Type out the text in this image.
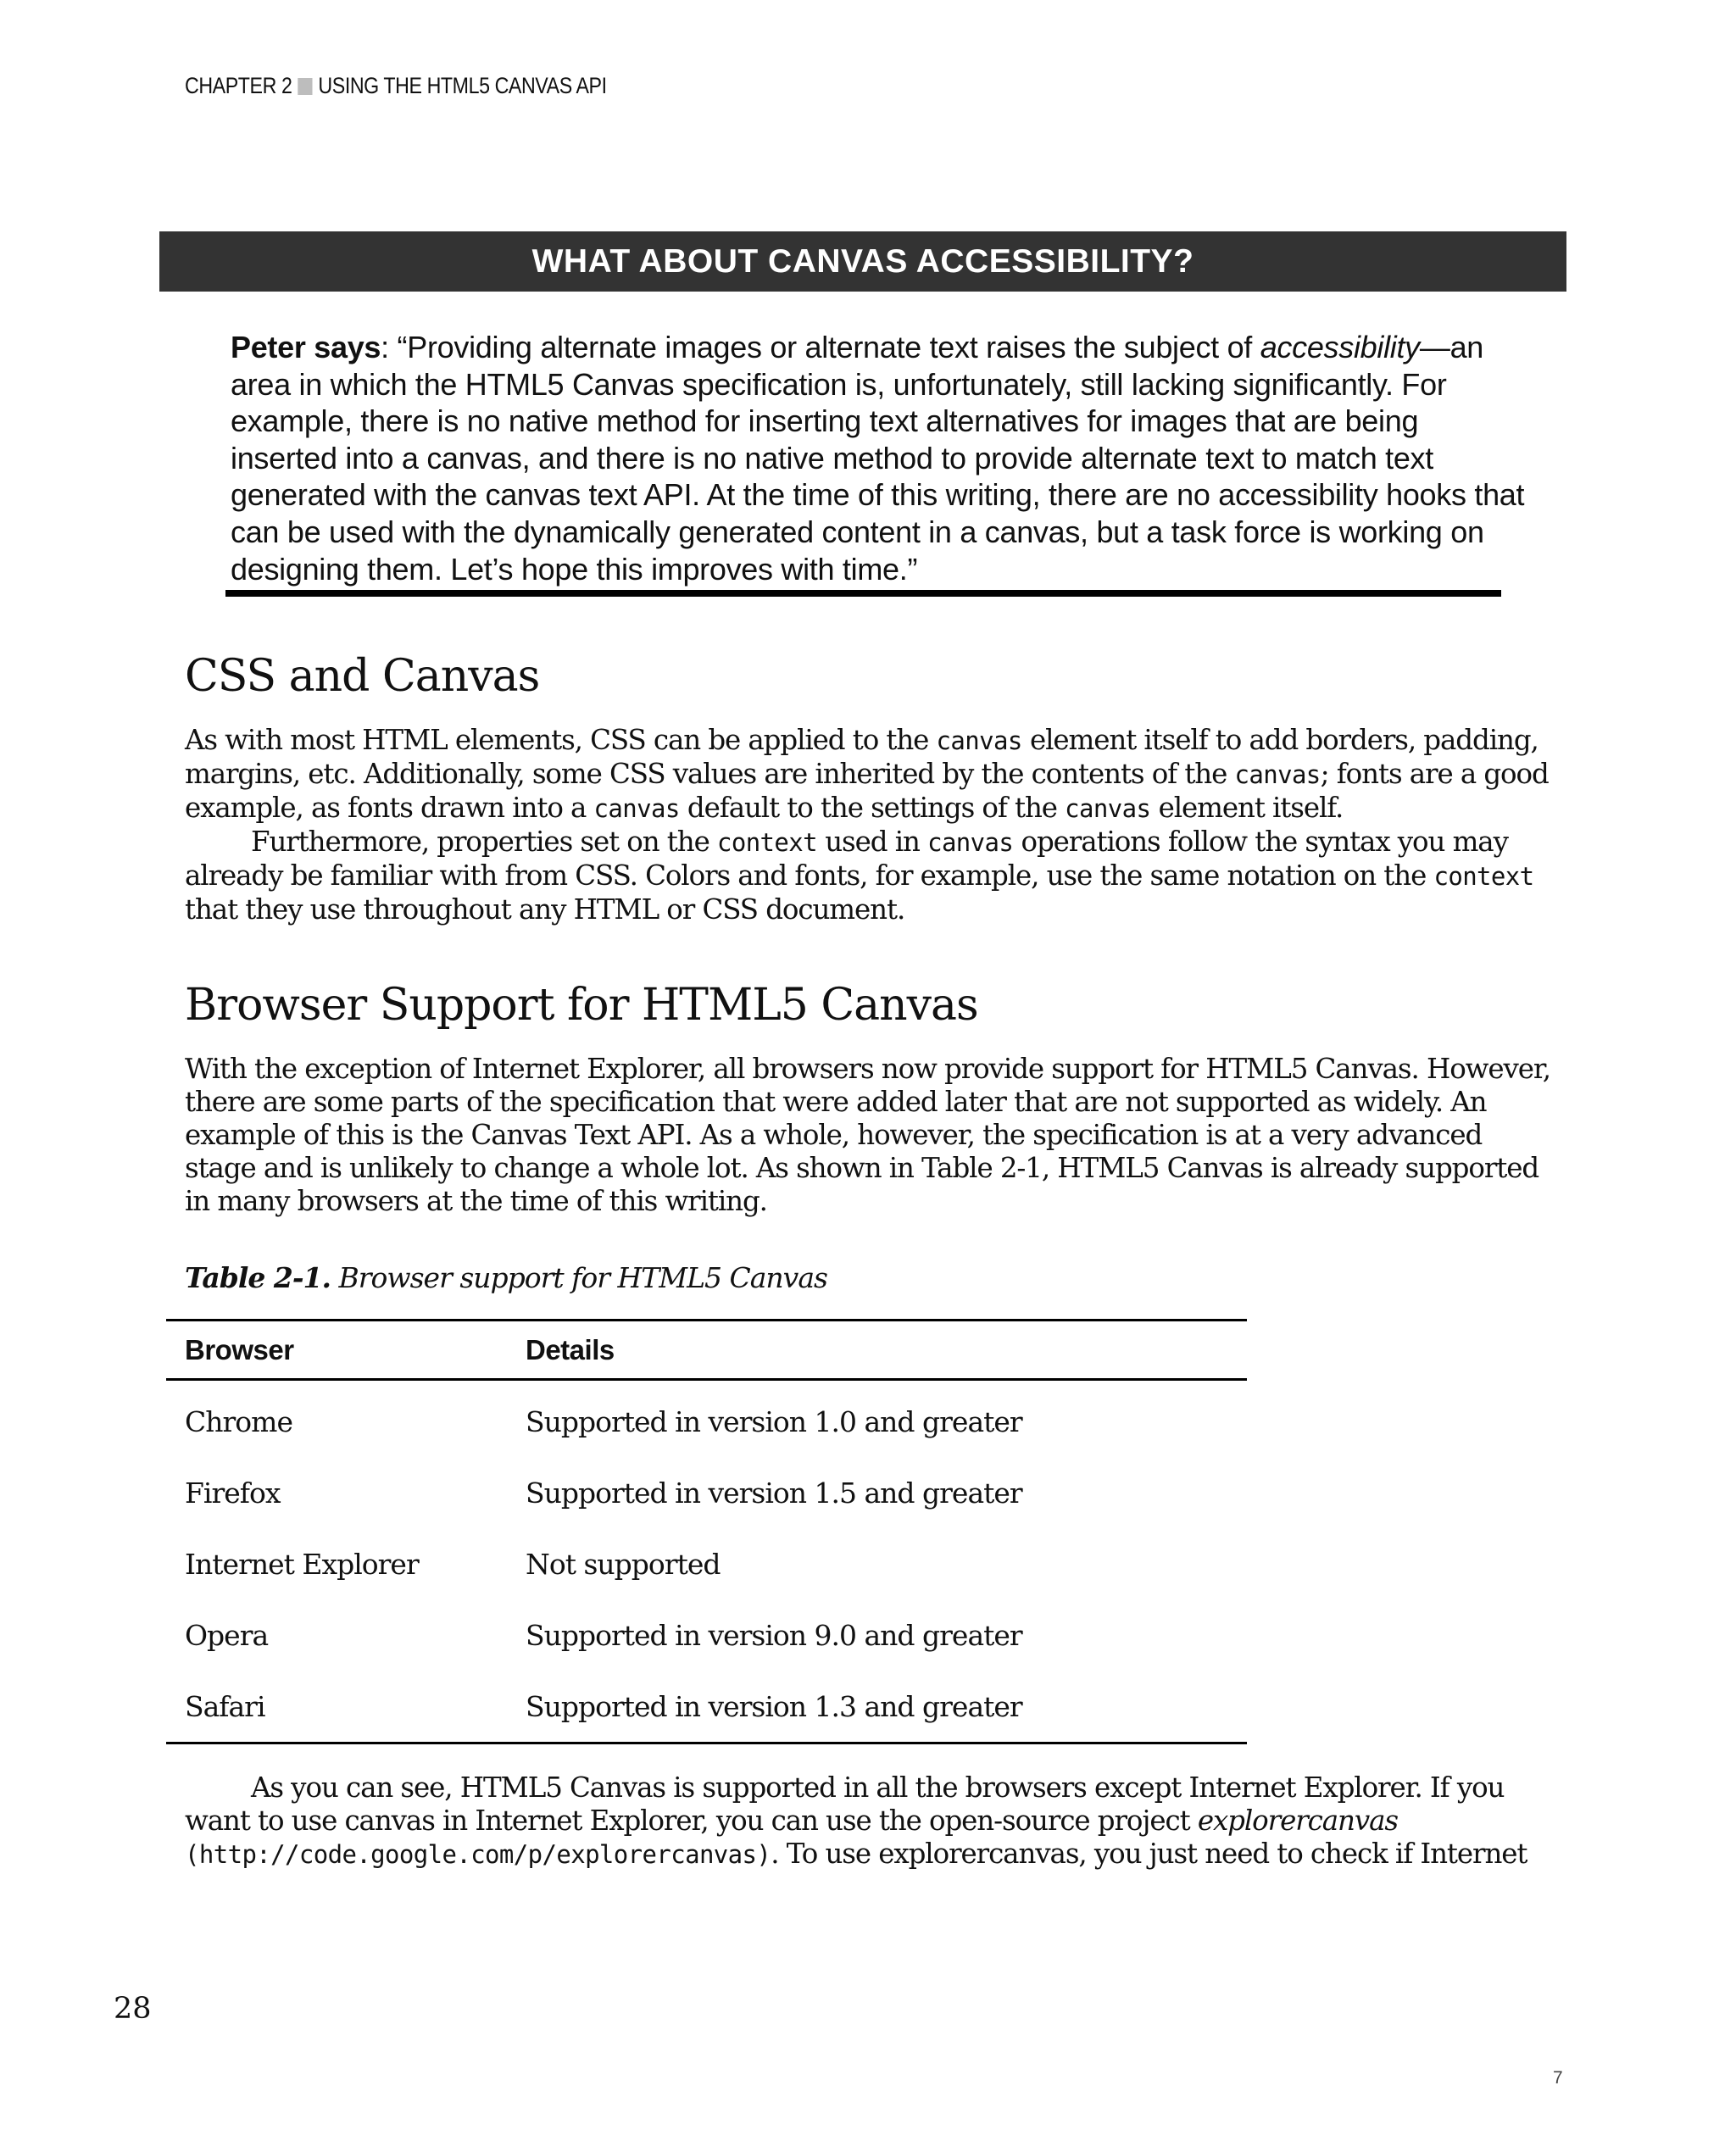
CHAPTER 2 USING THE HTML5 CANVAS API
WHAT ABOUT CANVAS ACCESSIBILITY?

Peter says: “Providing alternate images or alternate text raises the subject of accessibility—an area in which the HTML5 Canvas specification is, unfortunately, still lacking significantly. For example, there is no native method for inserting text alternatives for images that are being inserted into a canvas, and there is no native method to provide alternate text to match text generated with the canvas text API. At the time of this writing, there are no accessibility hooks that can be used with the dynamically generated content in a canvas, but a task force is working on designing them. Let’s hope this improves with time.”

CSS and Canvas

As with most HTML elements, CSS can be applied to the canvas element itself to add borders, padding, margins, etc. Additionally, some CSS values are inherited by the contents of the canvas; fonts are a good example, as fonts drawn into a canvas default to the settings of the canvas element itself.
Furthermore, properties set on the context used in canvas operations follow the syntax you may already be familiar with from CSS. Colors and fonts, for example, use the same notation on the context that they use throughout any HTML or CSS document.

Browser Support for HTML5 Canvas

With the exception of Internet Explorer, all browsers now provide support for HTML5 Canvas. However, there are some parts of the specification that were added later that are not supported as widely. An example of this is the Canvas Text API. As a whole, however, the specification is at a very advanced stage and is unlikely to change a whole lot. As shown in Table 2-1, HTML5 Canvas is already supported in many browsers at the time of this writing.

Table 2-1. Browser support for HTML5 Canvas

Browser	Details
Chrome	Supported in version 1.0 and greater
Firefox	Supported in version 1.5 and greater
Internet Explorer	Not supported
Opera	Supported in version 9.0 and greater
Safari	Supported in version 1.3 and greater

As you can see, HTML5 Canvas is supported in all the browsers except Internet Explorer. If you want to use canvas in Internet Explorer, you can use the open-source project explorercanvas (http://code.google.com/p/explorercanvas). To use explorercanvas, you just need to check if Internet

28
7
